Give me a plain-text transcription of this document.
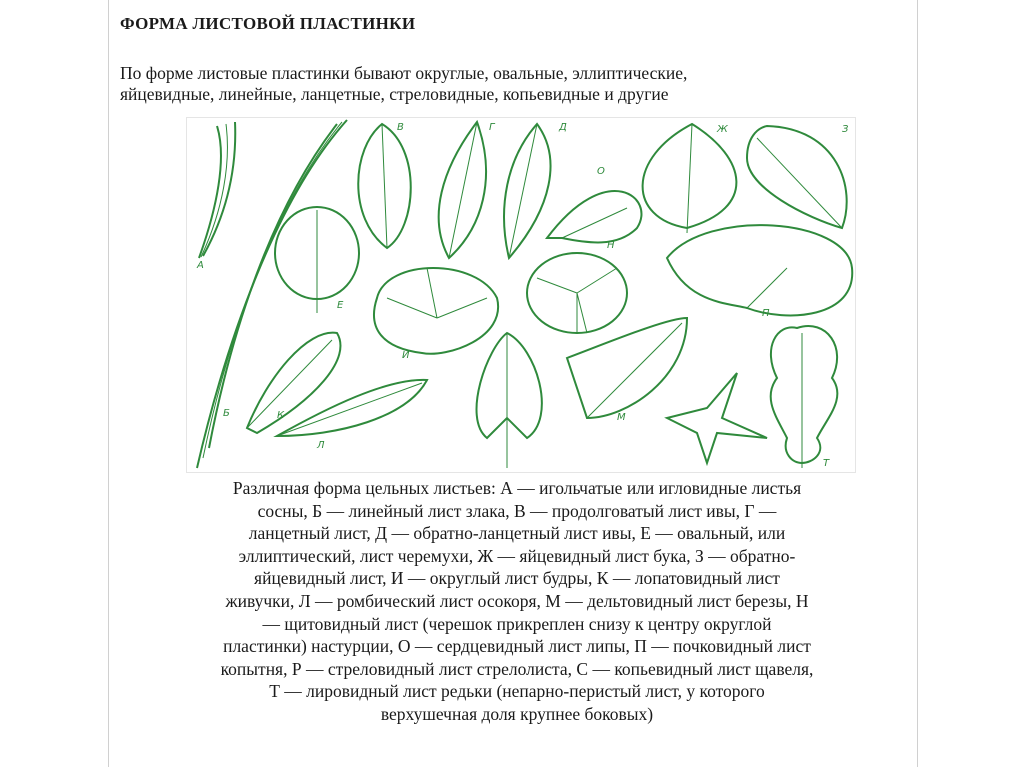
ФОРМА ЛИСТОВОЙ ПЛАСТИНКИ
По форме листовые пластинки бывают округлые, овальные, эллиптические,
яйцевидные, линейные, ланцетные, стреловидные, копьевидные и другие
А
Б
В	Г	Д	Ж	З
О
Е
И
Н
П
К
Л
М
Т
Различная форма цельных листьев: А — игольчатые или игловидные листья
сосны, Б — линейный лист злака, В — продолговатый лист ивы, Г —
ланцетный лист, Д — обратно-ланцетный лист ивы, Е — овальный, или
эллиптический, лист черемухи, Ж — яйцевидный лист бука, З — обратно-
яйцевидный лист, И — округлый лист будры, К — лопатовидный лист
живучки, Л — ромбический лист осокоря, М — дельтовидный лист березы, Н
— щитовидный лист (черешок прикреплен снизу к центру округлой
пластинки) настурции, О — сердцевидный лист липы, П — почковидный лист
копытня, Р — стреловидный лист стрелолиста, С — копьевидный лист щавеля,
Т — лировидный лист редьки (непарно-перистый лист, у которого
верхушечная доля крупнее боковых)
